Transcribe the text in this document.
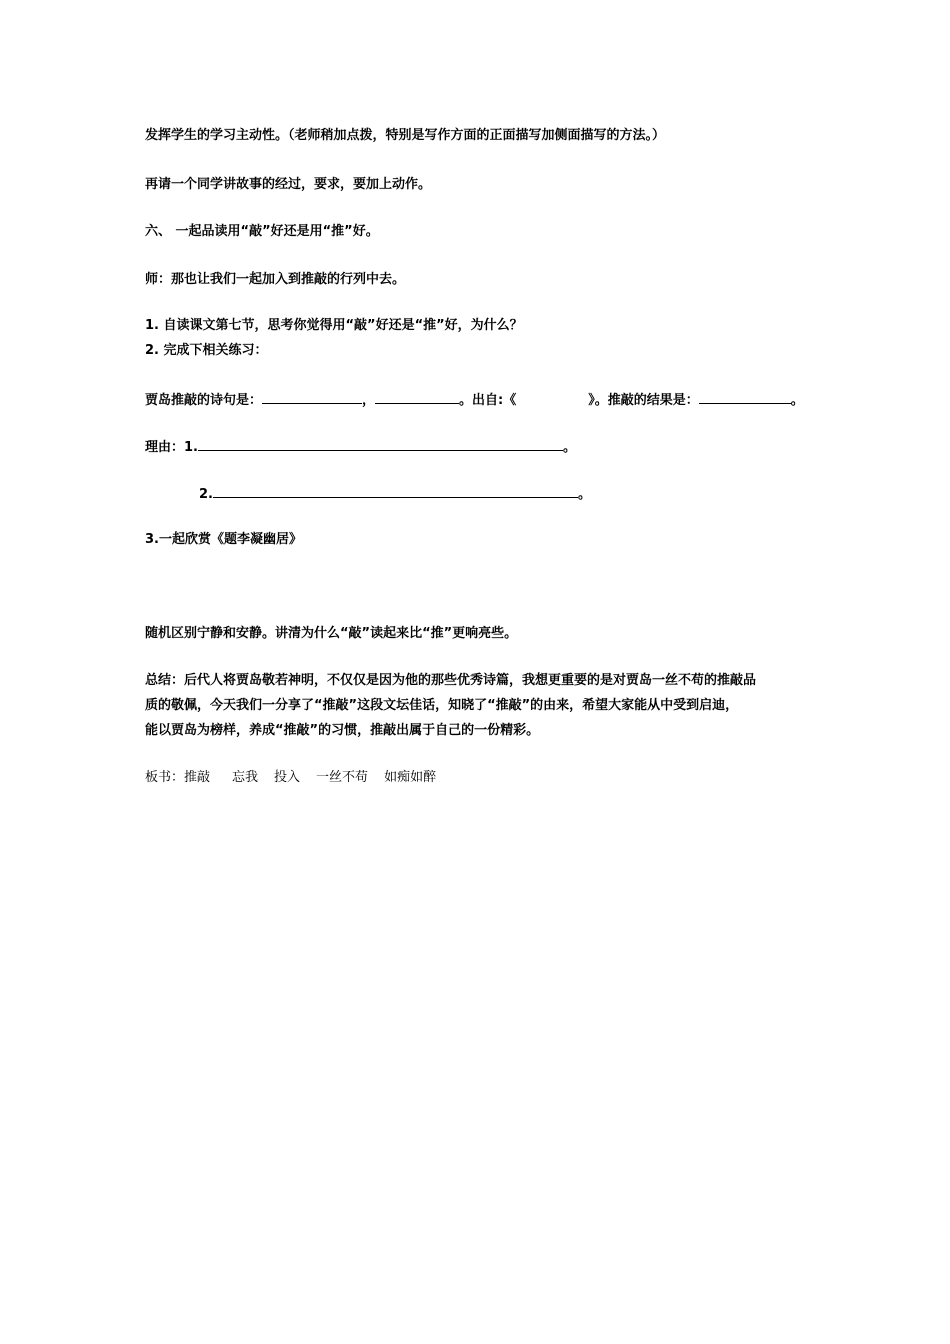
发挥学生的学习主动性。（老师稍加点拨，特别是写作方面的正面描写加侧面描写的方法。）
再请一个同学讲故事的经过，要求，要加上动作。
六、 一起品读用“敲”好还是用“推”好。
师：那也让我们一起加入到推敲的行列中去。
1. 自读课文第七节，思考你觉得用“敲”好还是“推”好，为什么？
2. 完成下相关练习：
贾岛推敲的诗句是：	，	。出自:《	》。推敲的结果是：	。
理由：1.	。
2.	。
3.一起欣赏《题李凝幽居》
随机区别宁静和安静。讲清为什么“敲”读起来比“推”更响亮些。
总结：后代人将贾岛敬若神明，不仅仅是因为他的那些优秀诗篇，我想更重要的是对贾岛一丝不苟的推敲品
质的敬佩，今天我们一分享了“推敲”这段文坛佳话，知晓了“推敲”的由来，希望大家能从中受到启迪，
能以贾岛为榜样，养成“推敲”的习惯，推敲出属于自己的一份精彩。
板书：推敲 忘我 投入 一丝不苟 如痴如醉
